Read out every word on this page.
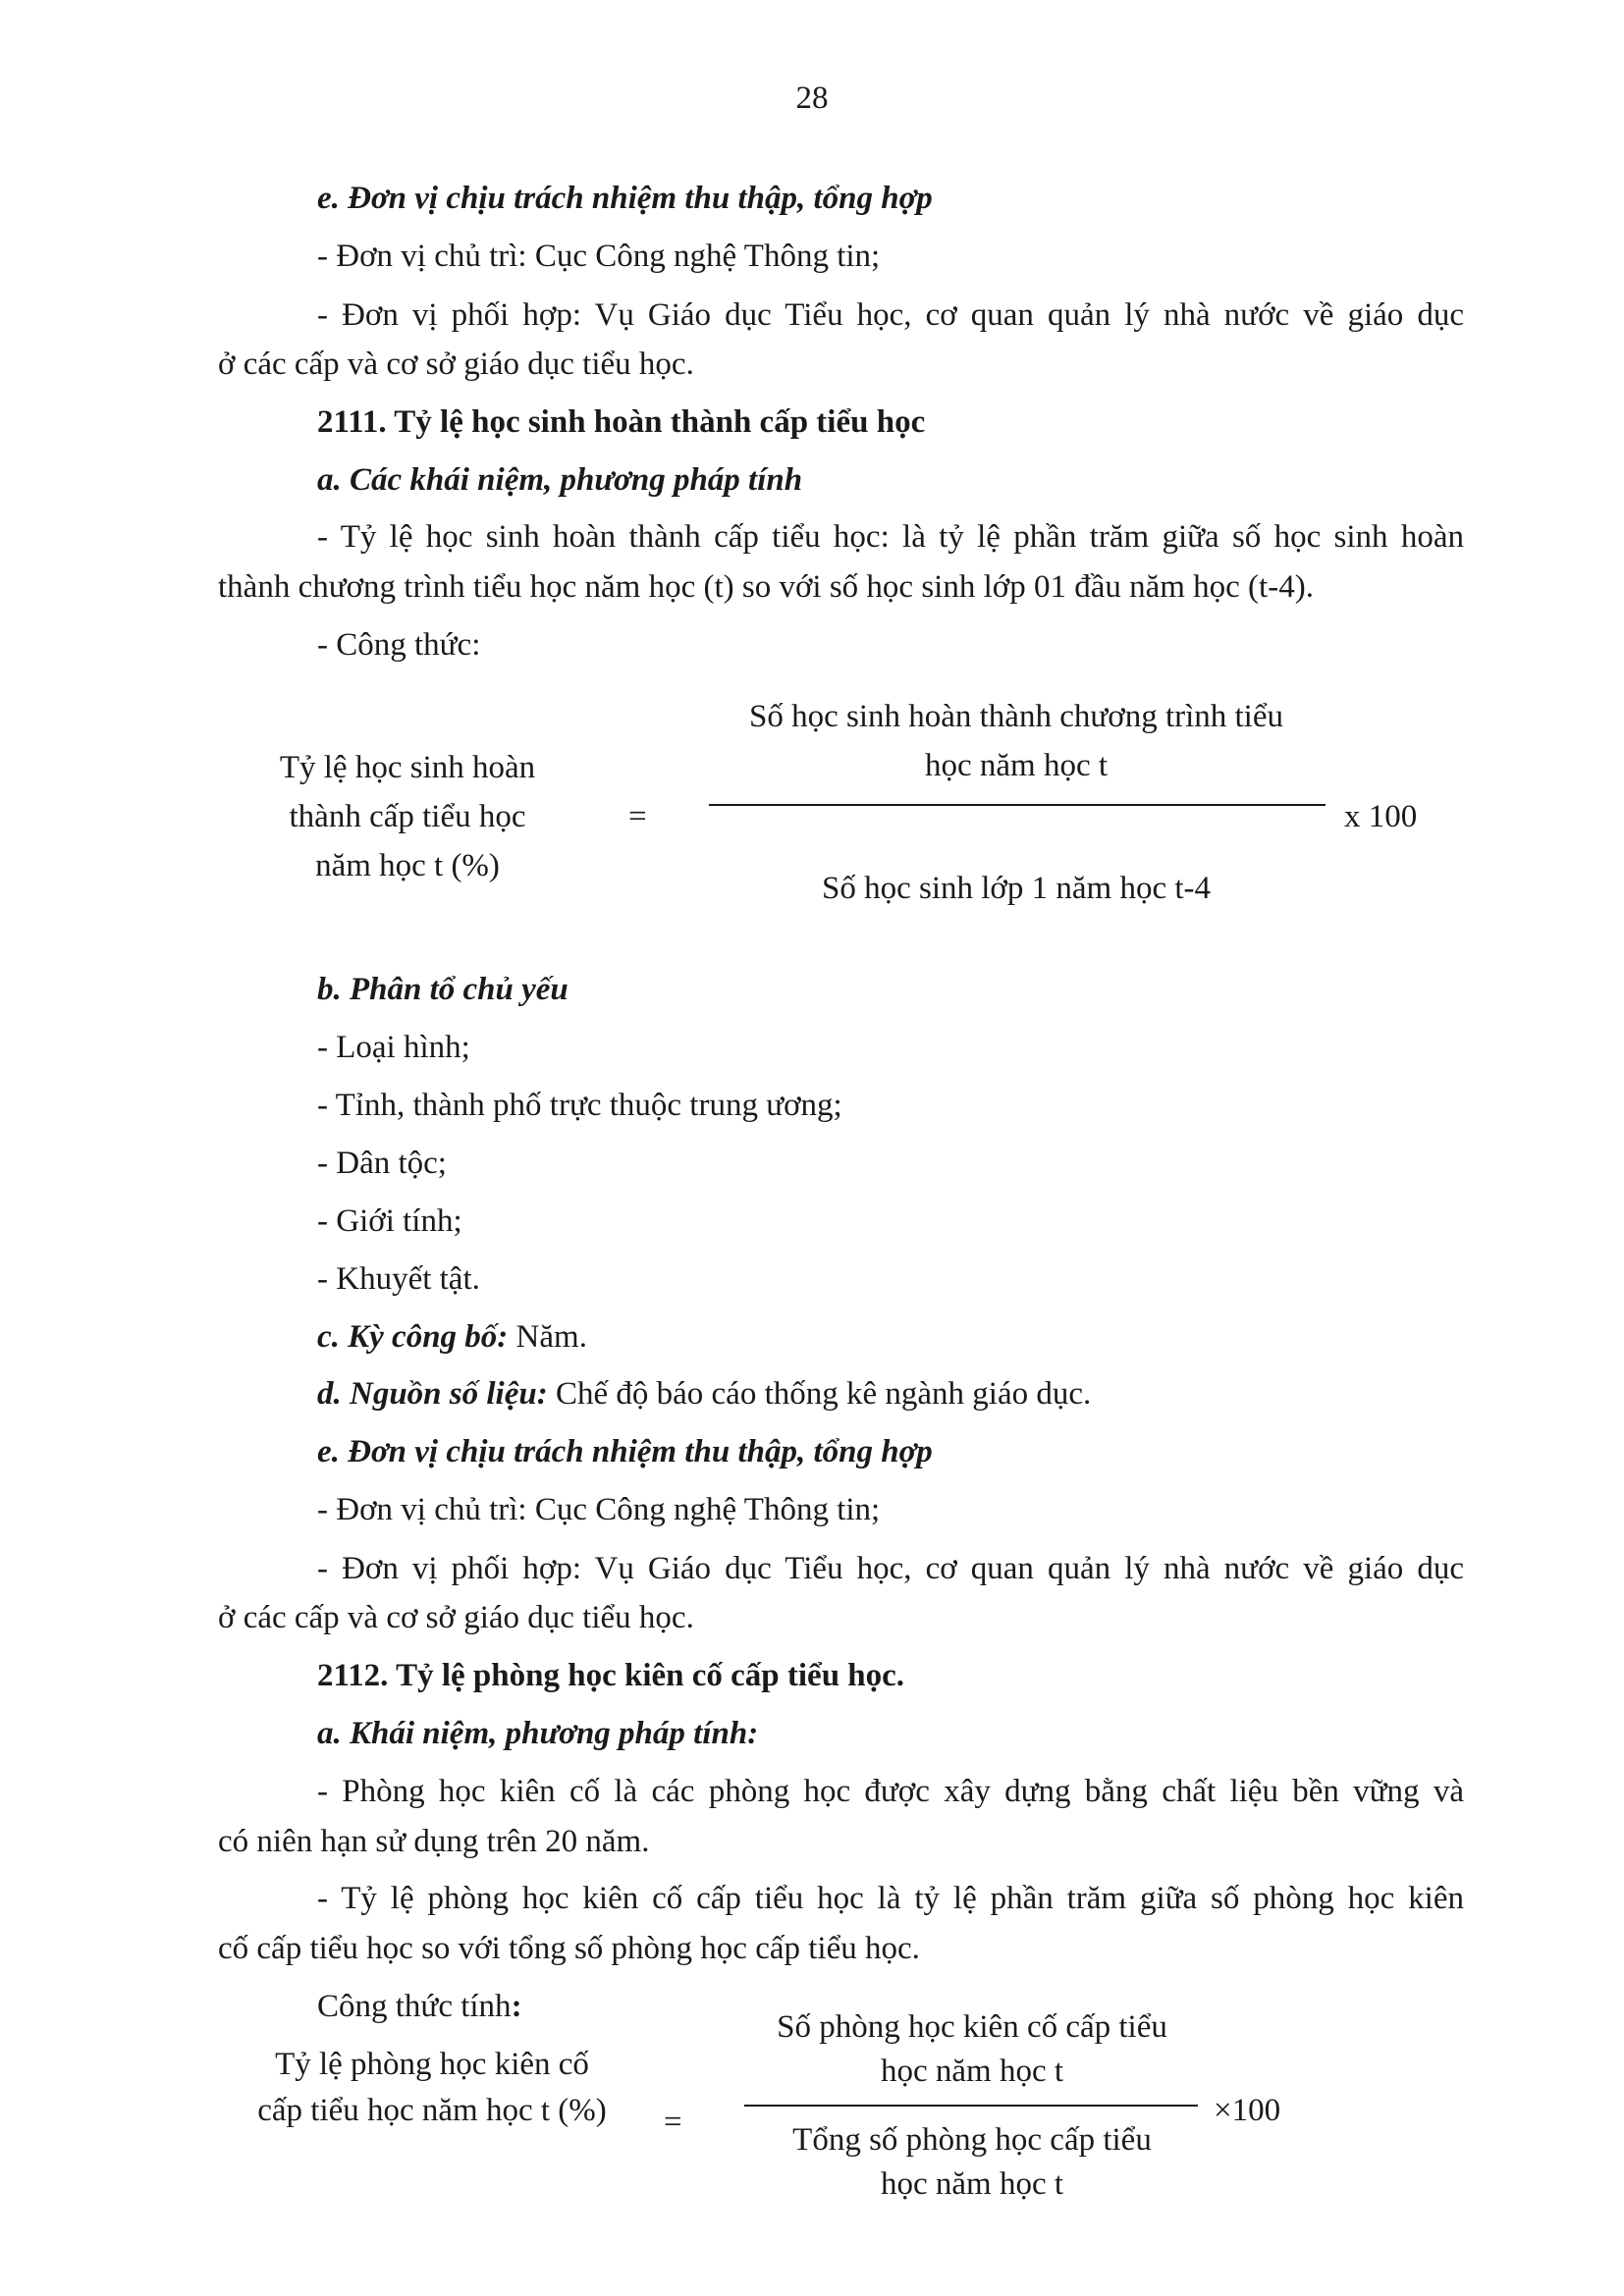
28
e. Đơn vị chịu trách nhiệm thu thập, tổng hợp
- Đơn vị chủ trì: Cục Công nghệ Thông tin;
- Đơn vị phối hợp: Vụ Giáo dục Tiểu học, cơ quan quản lý nhà nước về giáo dục
ở các cấp và cơ sở giáo dục tiểu học.
2111. Tỷ lệ học sinh hoàn thành cấp tiểu học
a. Các khái niệm, phương pháp tính
- Tỷ lệ học sinh hoàn thành cấp tiểu học: là tỷ lệ phần trăm giữa số học sinh hoàn
thành chương trình tiểu học năm học (t) so với số học sinh lớp 01 đầu năm học (t-4).
- Công thức:
Tỷ lệ học sinh hoàn
thành cấp tiểu học
năm học t (%)
=
Số học sinh hoàn thành chương trình tiểu
học năm học t
Số học sinh lớp 1 năm học t-4
x 100
b. Phân tổ chủ yếu
- Loại hình;
- Tỉnh, thành phố trực thuộc trung ương;
- Dân tộc;
- Giới tính;
- Khuyết tật.
c. Kỳ công bố: Năm.
d. Nguồn số liệu: Chế độ báo cáo thống kê ngành giáo dục.
e. Đơn vị chịu trách nhiệm thu thập, tổng hợp
- Đơn vị chủ trì: Cục Công nghệ Thông tin;
- Đơn vị phối hợp: Vụ Giáo dục Tiểu học, cơ quan quản lý nhà nước về giáo dục
ở các cấp và cơ sở giáo dục tiểu học.
2112. Tỷ lệ phòng học kiên cố cấp tiểu học.
a. Khái niệm, phương pháp tính:
- Phòng học kiên cố là các phòng học được xây dựng bằng chất liệu bền vững và
có niên hạn sử dụng trên 20 năm.
- Tỷ lệ phòng học kiên cố cấp tiểu học là tỷ lệ phần trăm giữa số phòng học kiên
cố cấp tiểu học so với tổng số phòng học cấp tiểu học.
Công thức tính:
Tỷ lệ phòng học kiên cố
cấp tiểu học năm học t (%)	=
Số phòng học kiên cố cấp tiểu
học năm học t
Tổng số phòng học cấp tiểu
học năm học t
×100
